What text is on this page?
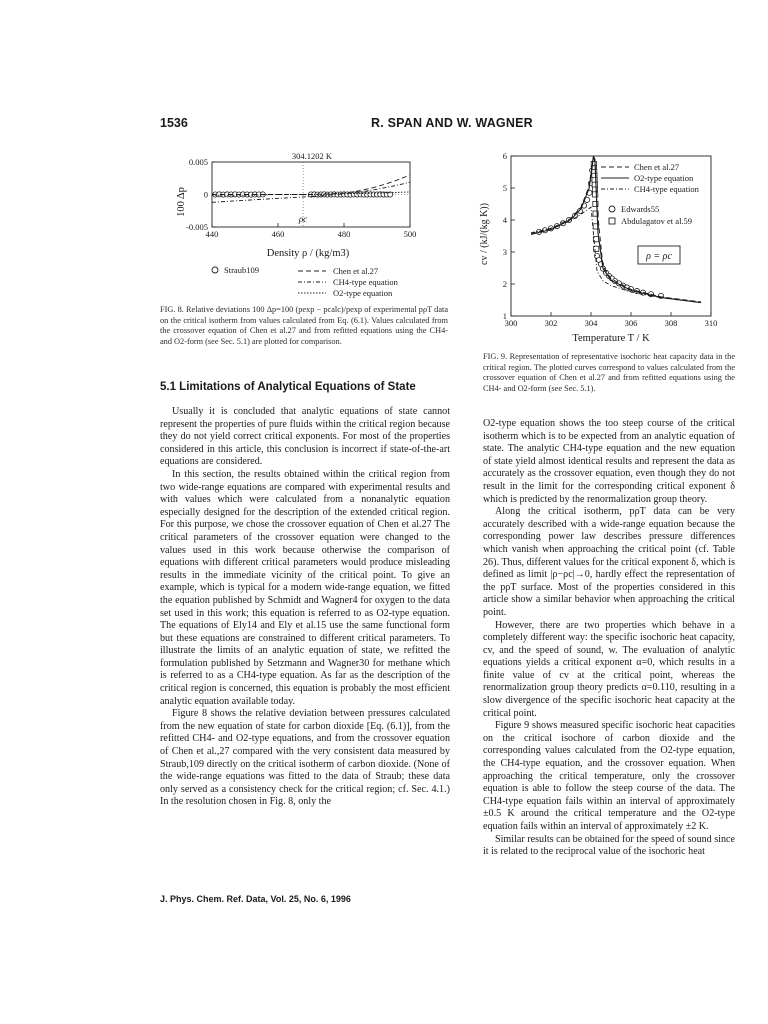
1536	R. SPAN AND W. WAGNER
100 Δp
440	460	480	500
0.005
0
-0.005
304.1202 K
ρc
Density ρ / (kg/m3)
Straub109	Chen et al.27
CH4-type equation
O2-type equation
FIG. 8. Relative deviations 100 Δp=100 (pexp − pcalc)/pexp of experimental pρT data on the critical isotherm from values calculated from Eq. (6.1). Values calculated from the crossover equation of Chen et al.27 and from refitted equations using the CH4- and O2-form (see Sec. 5.1) are plotted for comparison.
cv / (kJ/(kg K))
300	302	304	306	308	310
1
2
3
4
5
6
Temperature T / K
Chen et al.27
O2-type equation
CH4-type equation
Edwards55
Abdulagatov et al.59
ρ = ρc
FIG. 9. Representation of representative isochoric heat capacity data in the critical region. The plotted curves correspond to values calculated from the crossover equation of Chen et al.27 and from refitted equations using the CH4- and O2-form (see Sec. 5.1).
5.1 Limitations of Analytical Equations of State

Usually it is concluded that analytic equations of state cannot represent the properties of pure fluids within the critical region because they do not yield correct critical exponents. For most of the properties considered in this article, this conclusion is incorrect if state-of-the-art equations are considered.

In this section, the results obtained within the critical region from two wide-range equations are compared with experimental results and with values which were calculated from a nonanalytic equation especially designed for the description of the extended critical region. For this purpose, we chose the crossover equation of Chen et al.27 The critical parameters of the crossover equation were changed to the values used in this work because otherwise the comparison of equations with different critical parameters would produce misleading results in the immediate vicinity of the critical point. To give an example, which is typical for a modern wide-range equation, we fitted the equation published by Schmidt and Wagner4 for oxygen to the data set used in this work; this equation is referred to as O2-type equation. The equations of Ely14 and Ely et al.15 use the same functional form but these equations are constrained to different critical parameters. To illustrate the limits of an analytic equation of state, we refitted the formulation published by Setzmann and Wagner30 for methane which is referred to as a CH4-type equation. As far as the description of the critical region is concerned, this equation is probably the most efficient analytic equation available today.

Figure 8 shows the relative deviation between pressures calculated from the new equation of state for carbon dioxide [Eq. (6.1)], from the refitted CH4- and O2-type equations, and from the crossover equation of Chen et al.,27 compared with the very consistent data measured by Straub,109 directly on the critical isotherm of carbon dioxide. (None of the wide-range equations was fitted to the data of Straub; these data only served as a consistency check for the critical region; cf. Sec. 4.1.) In the resolution chosen in Fig. 8, only the

O2-type equation shows the too steep course of the critical isotherm which is to be expected from an analytic equation of state. The analytic CH4-type equation and the new equation of state yield almost identical results and represent the data as accurately as the crossover equation, even though they do not result in the limit for the corresponding critical exponent δ which is predicted by the renormalization group theory.

Along the critical isotherm, pρT data can be very accurately described with a wide-range equation because the corresponding power law describes pressure differences which vanish when approaching the critical point (cf. Table 26). Thus, different values for the critical exponent δ, which is defined as limit |ρ−ρc|→0, hardly effect the representation of the pρT surface. Most of the properties considered in this article show a similar behavior when approaching the critical point.

However, there are two properties which behave in a completely different way: the specific isochoric heat capacity, cv, and the speed of sound, w. The evaluation of analytic equations yields a critical exponent α=0, which results in a finite value of cv at the critical point, whereas the renormalization group theory predicts α=0.110, resulting in a slow divergence of the specific isochoric heat capacity at the critical point.

Figure 9 shows measured specific isochoric heat capacities on the critical isochore of carbon dioxide and the corresponding values calculated from the O2-type equation, the CH4-type equation, and the crossover equation. When approaching the critical temperature, only the crossover equation is able to follow the steep course of the data. The CH4-type equation fails within an interval of approximately ±0.5 K around the critical temperature and the O2-type equation fails within an interval of approximately ±2 K.

Similar results can be obtained for the speed of sound since it is related to the reciprocal value of the isochoric heat

J. Phys. Chem. Ref. Data, Vol. 25, No. 6, 1996
